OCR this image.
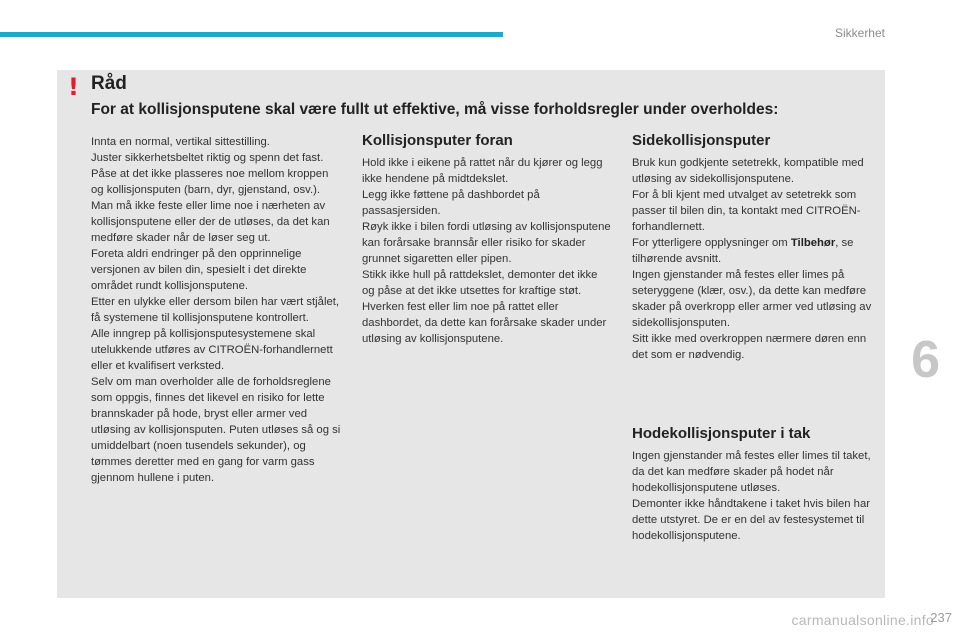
Sikkerhet
! Råd
For at kollisjonsputene skal være fullt ut effektive, må visse forholdsregler under overholdes:

Innta en normal, vertikal sittestilling.

Juster sikkerhetsbeltet riktig og spenn det fast.

Påse at det ikke plasseres noe mellom kroppen og kollisjonsputen (barn, dyr, gjenstand, osv.). Man må ikke feste eller lime noe i nærheten av kollisjonsputene eller der de utløses, da det kan medføre skader når de løser seg ut.

Foreta aldri endringer på den opprinnelige versjonen av bilen din, spesielt i det direkte området rundt kollisjonsputene.

Etter en ulykke eller dersom bilen har vært stjålet, få systemene til kollisjonsputene kontrollert.

Alle inngrep på kollisjonsputesystemene skal utelukkende utføres av CITROËN-forhandlernett eller et kvalifisert verksted.

Selv om man overholder alle de forholdsreglene som oppgis, finnes det likevel en risiko for lette brannskader på hode, bryst eller armer ved utløsing av kollisjonsputen. Puten utløses så og si umiddelbart (noen tusendels sekunder), og tømmes deretter med en gang for varm gass gjennom hullene i puten.

Kollisjonsputer foran

Hold ikke i eikene på rattet når du kjører og legg ikke hendene på midtdekslet.

Legg ikke føttene på dashbordet på passasjersiden.

Røyk ikke i bilen fordi utløsing av kollisjonsputene kan forårsake brannsår eller risiko for skader grunnet sigaretten eller pipen.

Stikk ikke hull på rattdekslet, demonter det ikke og påse at det ikke utsettes for kraftige støt.

Hverken fest eller lim noe på rattet eller dashbordet, da dette kan forårsake skader under utløsing av kollisjonsputene.

Sidekollisjonsputer

Bruk kun godkjente setetrekk, kompatible med utløsing av sidekollisjonsputene.

For å bli kjent med utvalget av setetrekk som passer til bilen din, ta kontakt med CITROËN-forhandlernett.

For ytterligere opplysninger om Tilbehør, se tilhørende avsnitt.

Ingen gjenstander må festes eller limes på seteryggene (klær, osv.), da dette kan medføre skader på overkropp eller armer ved utløsing av sidekollisjonsputen.

Sitt ikke med overkroppen nærmere døren enn det som er nødvendig.

Hodekollisjonsputer i tak

Ingen gjenstander må festes eller limes til taket, da det kan medføre skader på hodet når hodekollisjonsputene utløses.

Demonter ikke håndtakene i taket hvis bilen har dette utstyret. De er en del av festesystemet til hodekollisjonsputene.

6
carmanualsonline.info
237
